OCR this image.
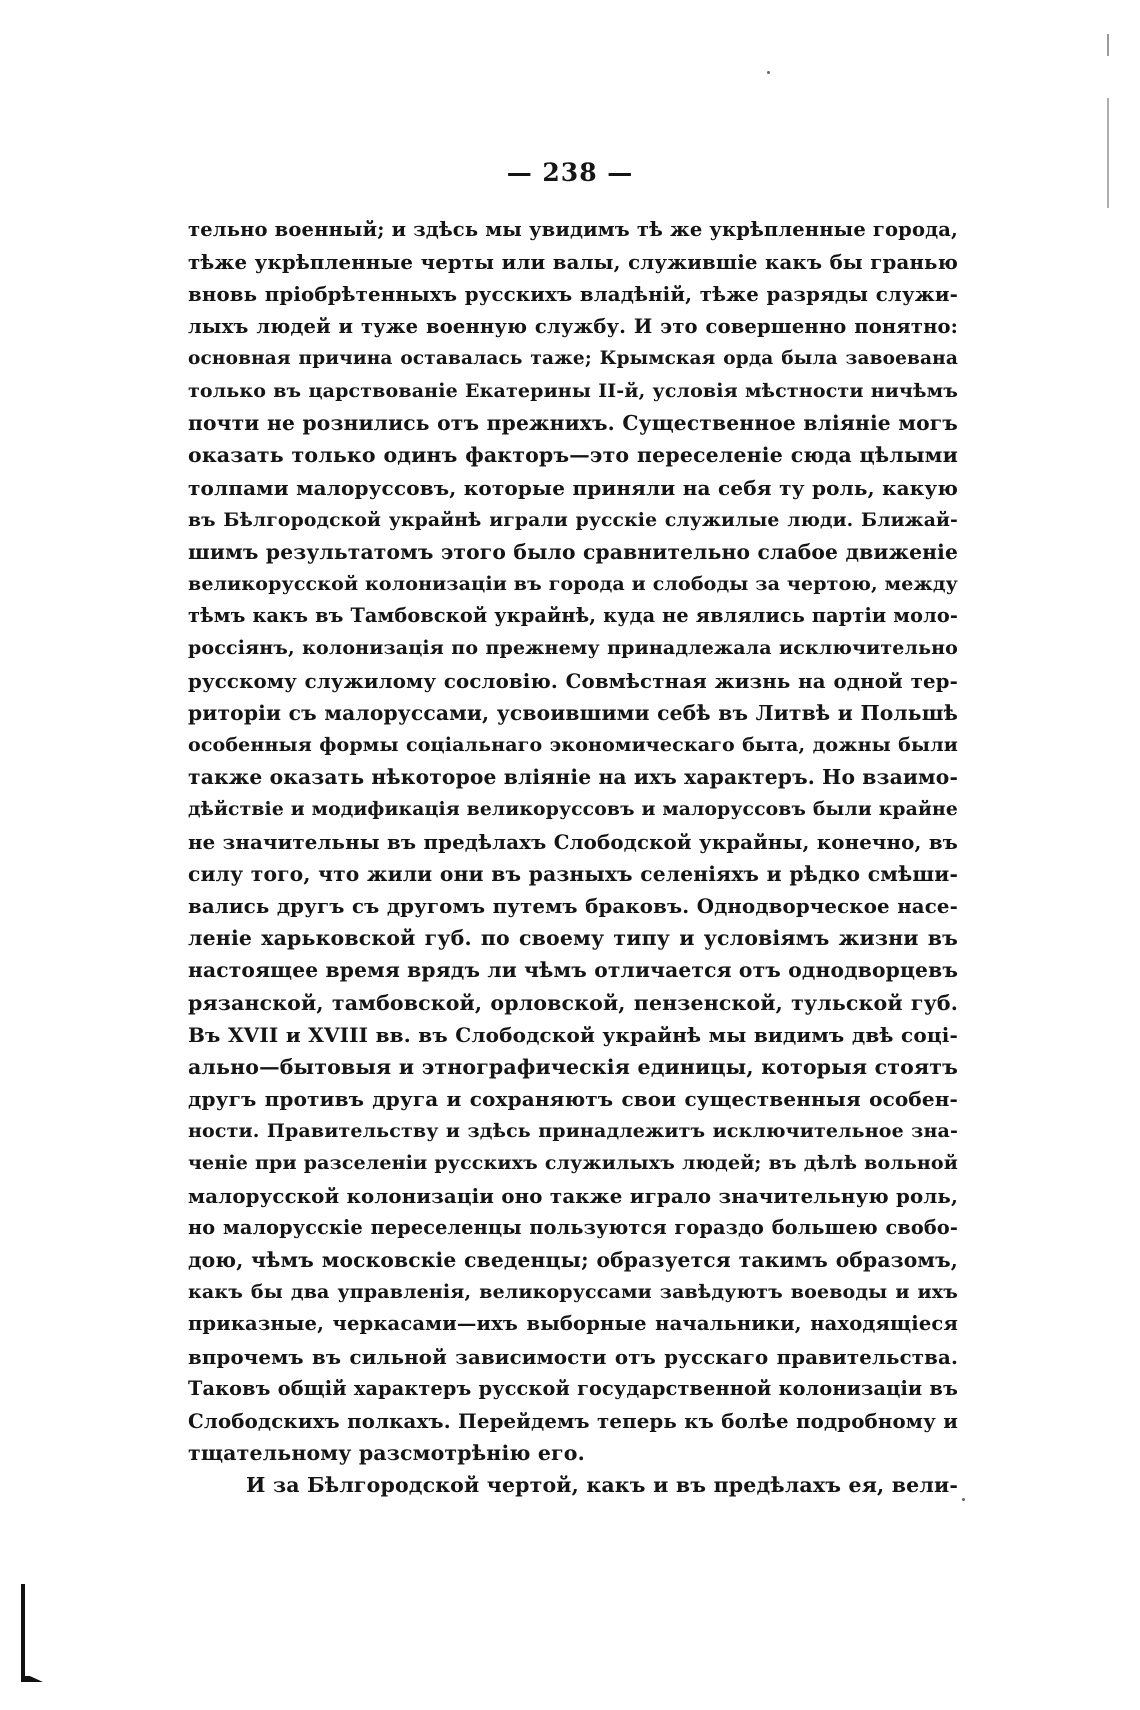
— 238 —
тельно военный; и здѣсь мы увидимъ тѣ же укрѣпленные города,
тѣже укрѣпленные черты или валы, служившіе какъ бы гранью
вновь пріобрѣтенныхъ русскихъ владѣній, тѣже разряды служи-
лыхъ людей и туже военную службу. И это совершенно понятно:
основная причина оставалась таже; Крымская орда была завоевана
только въ царствованіе Екатерины II-й, условія мѣстности ничѣмъ
почти не рознились отъ прежнихъ. Существенное вліяніе могъ
оказать только одинъ факторъ—это переселеніе сюда цѣлыми
толпами малоруссовъ, которые приняли на себя ту роль, какую
въ Бѣлгородской украйнѣ играли русскіе служилые люди. Ближай-
шимъ результатомъ этого было сравнительно слабое движеніе
великорусской колонизаціи въ города и слободы за чертою, между
тѣмъ какъ въ Тамбовской украйнѣ, куда не являлись партіи моло-
россіянъ, колонизація по прежнему принадлежала исключительно
русскому служилому сословію. Совмѣстная жизнь на одной тер-
риторіи съ малоруссами, усвоившими себѣ въ Литвѣ и Польшѣ
особенныя формы соціальнаго экономическаго быта, дожны были
также оказать нѣкоторое вліяніе на ихъ характеръ. Но взаимо-
дѣйствіе и модификація великоруссовъ и малоруссовъ были крайне
не значительны въ предѣлахъ Слободской украйны, конечно, въ
силу того, что жили они въ разныхъ селеніяхъ и рѣдко смѣши-
вались другъ съ другомъ путемъ браковъ. Однодворческое насе-
леніе харьковской губ. по своему типу и условіямъ жизни въ
настоящее время врядъ ли чѣмъ отличается отъ однодворцевъ
рязанской, тамбовской, орловской, пензенской, тульской губ.
Въ XVII и XVIII вв. въ Слободской украйнѣ мы видимъ двѣ соці-
ально—бытовыя и этнографическія единицы, которыя стоятъ
другъ противъ друга и сохраняютъ свои существенныя особен-
ности. Правительству и здѣсь принадлежитъ исключительное зна-
ченіе при разселеніи русскихъ служилыхъ людей; въ дѣлѣ вольной
малорусской колонизаціи оно также играло значительную роль,
но малорусскіе переселенцы пользуются гораздо большею свобо-
дою, чѣмъ московскіе сведенцы; образуется такимъ образомъ,
какъ бы два управленія, великоруссами завѣдуютъ воеводы и ихъ
приказные, черкасами—ихъ выборные начальники, находящіеся
впрочемъ въ сильной зависимости отъ русскаго правительства.
Таковъ общій характеръ русской государственной колонизаціи въ
Слободскихъ полкахъ. Перейдемъ теперь къ болѣе подробному и
тщательному разсмотрѣнію его.
И за Бѣлгородской чертой, какъ и въ предѣлахъ ея, вели-
